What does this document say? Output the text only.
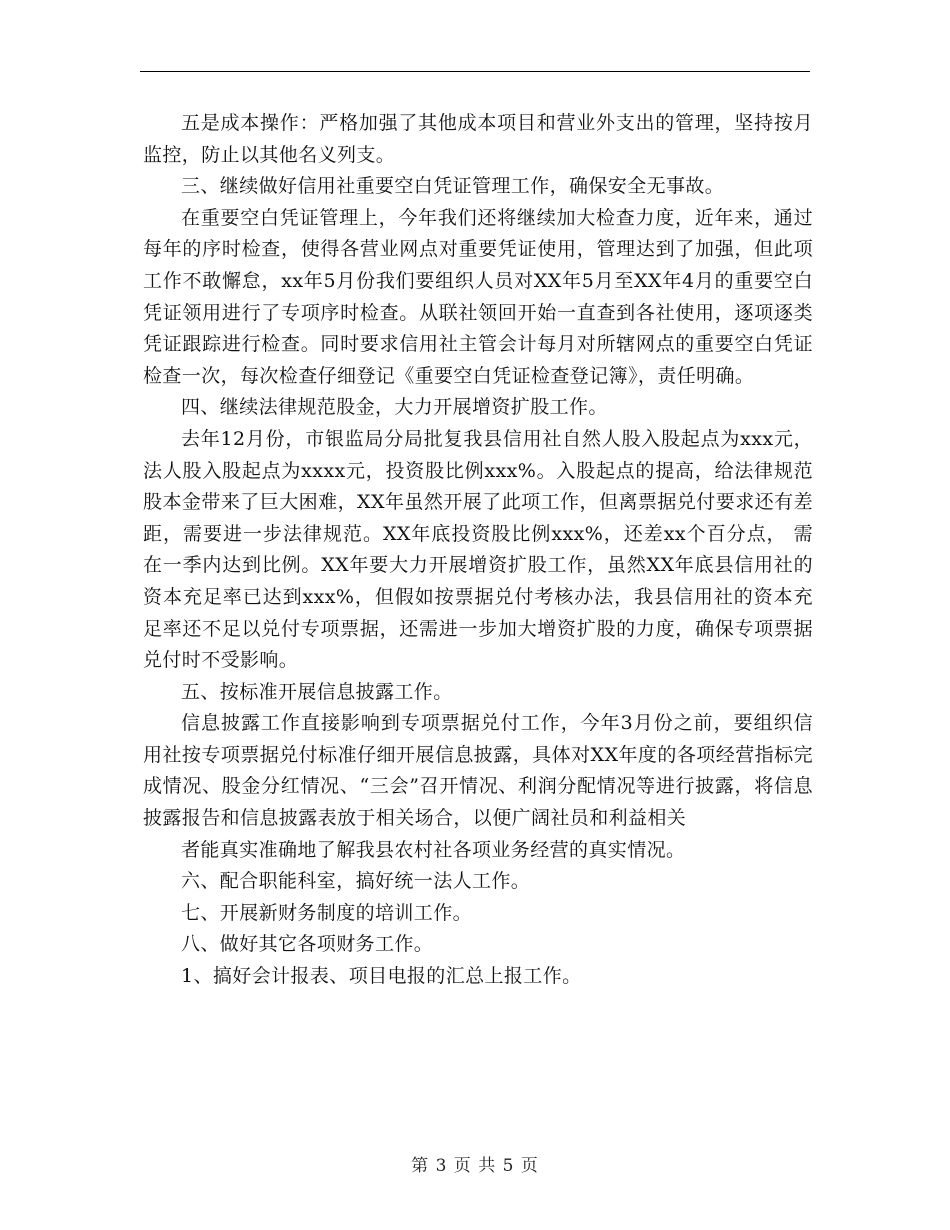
五是成本操作：严格加强了其他成本项目和营业外支出的管理，坚持按月监控，防止以其他名义列支。

三、继续做好信用社重要空白凭证管理工作，确保安全无事故。

在重要空白凭证管理上，今年我们还将继续加大检查力度，近年来，通过每年的序时检查，使得各营业网点对重要凭证使用，管理达到了加强，但此项工作不敢懈怠，xx年5月份我们要组织人员对XX年5月至XX年4月的重要空白凭证领用进行了专项序时检查。从联社领回开始一直查到各社使用，逐项逐类凭证跟踪进行检查。同时要求信用社主管会计每月对所辖网点的重要空白凭证检查一次，每次检查仔细登记《重要空白凭证检查登记簿》，责任明确。

四、继续法律规范股金，大力开展增资扩股工作。

去年12月份，市银监局分局批复我县信用社自然人股入股起点为xxx元，法人股入股起点为xxxx元，投资股比例xxx%。入股起点的提高，给法律规范股本金带来了巨大困难，XX年虽然开展了此项工作，但离票据兑付要求还有差距，需要进一步法律规范。XX年底投资股比例xxx%，还差xx个百分点， 需在一季内达到比例。XX年要大力开展增资扩股工作，虽然XX年底县信用社的资本充足率已达到xxx%，但假如按票据兑付考核办法，我县信用社的资本充足率还不足以兑付专项票据，还需进一步加大增资扩股的力度，确保专项票据兑付时不受影响。

五、按标准开展信息披露工作。

信息披露工作直接影响到专项票据兑付工作，今年3月份之前，要组织信用社按专项票据兑付标准仔细开展信息披露，具体对XX年度的各项经营指标完成情况、股金分红情况、“三会”召开情况、利润分配情况等进行披露，将信息披露报告和信息披露表放于相关场合，以便广阔社员和利益相关

者能真实准确地了解我县农村社各项业务经营的真实情况。

六、配合职能科室，搞好统一法人工作。

七、开展新财务制度的培训工作。

八、做好其它各项财务工作。

1、搞好会计报表、项目电报的汇总上报工作。

第 3 页 共 5 页
